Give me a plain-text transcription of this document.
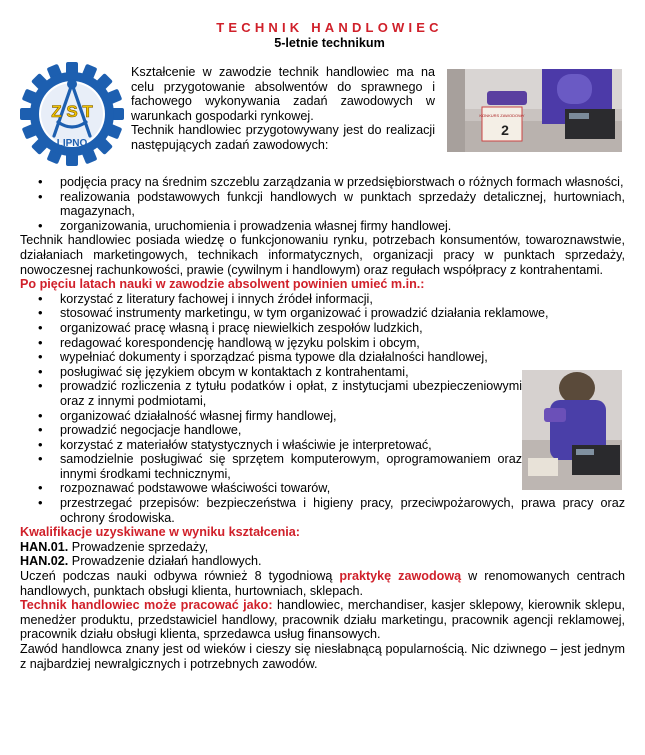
TECHNIK HANDLOWIEC
5-letnie technikum
Z S T
LIPNO

Kształcenie w zawodzie technik handlowiec ma na celu przygotowanie absolwentów do sprawnego i fachowego wykonywania zadań zawodowych w warunkach gospodarki rynkowej.

Technik handlowiec przygotowywany jest do realizacji następujących zadań zawodowych:

KONKURS ZAWODOWY
2
• podjęcia pracy na średnim szczeblu zarządzania w przedsiębiorstwach o różnych formach własności,
• realizowania podstawowych funkcji handlowych w punktach sprzedaży detalicznej, hurtowniach, magazynach,
• zorganizowania, uruchomienia i prowadzenia własnej firmy handlowej.

Technik handlowiec posiada wiedzę o funkcjonowaniu rynku, potrzebach konsumentów, towaroznawstwie, działaniach marketingowych, technikach informatycznych, organizacji pracy w punktach sprzedaży, nowoczesnej rachunkowości, prawie (cywilnym i handlowym) oraz regułach współpracy z kontrahentami.

Po pięciu latach nauki w zawodzie absolwent powinien umieć m.in.:
• korzystać z literatury fachowej i innych źródeł informacji,
• stosować instrumenty marketingu, w tym organizować i prowadzić działania reklamowe,
• organizować pracę własną i pracę niewielkich zespołów ludzkich,
• redagować korespondencję handlową w języku polskim i obcym,
• wypełniać dokumenty i sporządzać pisma typowe dla działalności handlowej,
• posługiwać się językiem obcym w kontaktach z kontrahentami,
• prowadzić rozliczenia z tytułu podatków i opłat, z instytucjami ubezpieczeniowymi oraz z innymi podmiotami,
• organizować działalność własnej firmy handlowej,
• prowadzić negocjacje handlowe,
• korzystać z materiałów statystycznych i właściwie je interpretować,
• samodzielnie posługiwać się sprzętem komputerowym, oprogramowaniem oraz innymi środkami technicznymi,
• rozpoznawać podstawowe właściwości towarów,
• przestrzegać przepisów: bezpieczeństwa i higieny pracy, przeciwpożarowych, prawa pracy oraz ochrony środowiska.
Kwalifikacje uzyskiwane w wyniku kształcenia:
HAN.01. Prowadzenie sprzedaży,
HAN.02. Prowadzenie działań handlowych.

Uczeń podczas nauki odbywa również 8 tygodniową praktykę zawodową w renomowanych centrach handlowych, punktach obsługi klienta, hurtowniach, sklepach.

Technik handlowiec może pracować jako: handlowiec, merchandiser, kasjer sklepowy, kierownik sklepu, menedżer produktu, przedstawiciel handlowy, pracownik działu marketingu, pracownik agencji reklamowej, pracownik działu obsługi klienta, sprzedawca usług finansowych.

Zawód handlowca znany jest od wieków i cieszy się niesłabnącą popularnością. Nic dziwnego – jest jednym z najbardziej newralgicznych i potrzebnych zawodów.
